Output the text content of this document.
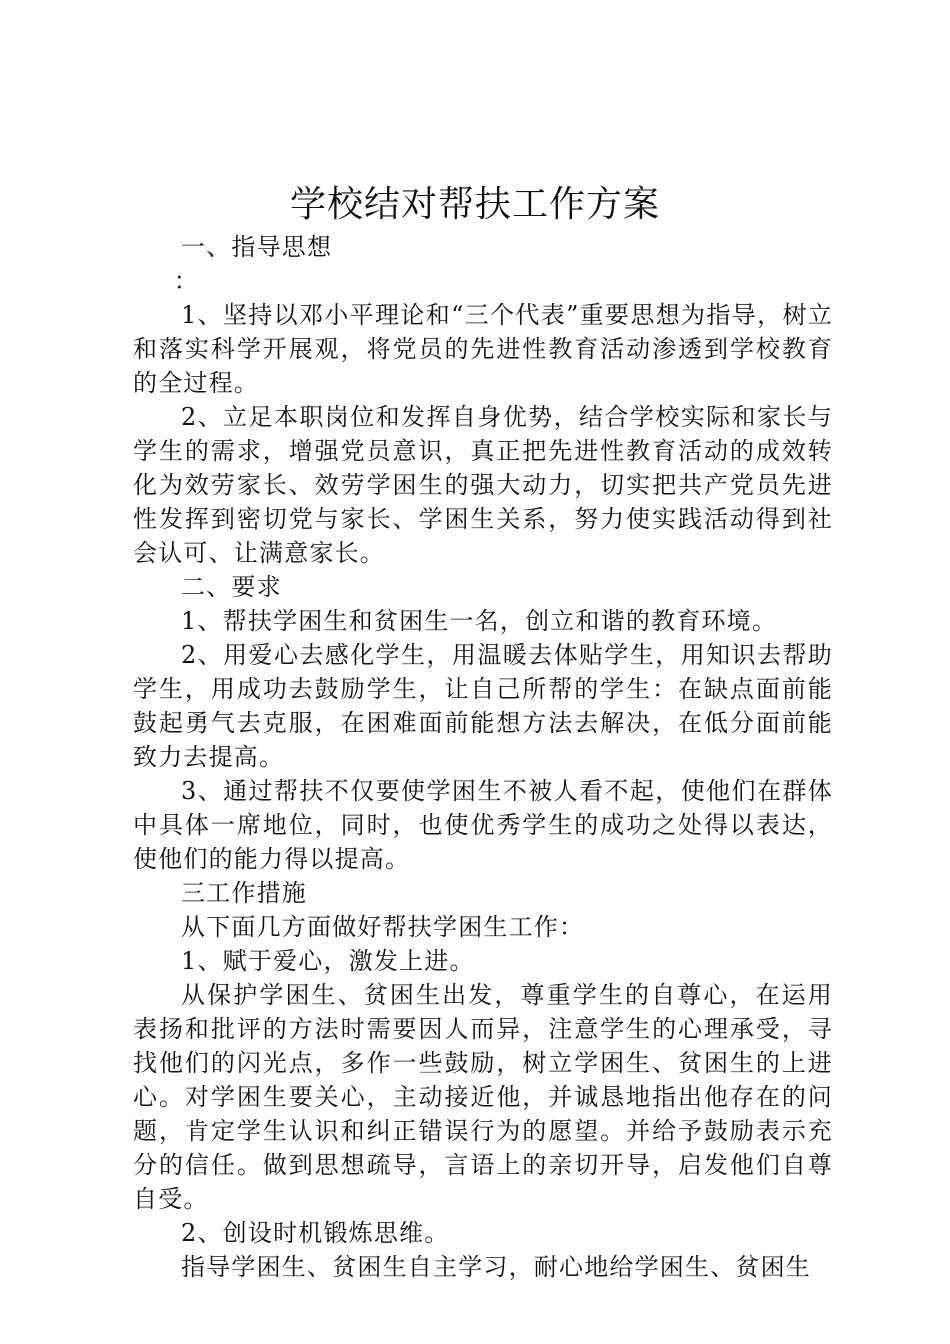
学校结对帮扶工作方案

一、指导思想

：

1、坚持以邓小平理论和“三个代表”重要思想为指导，树立和落实科学开展观，将党员的先进性教育活动渗透到学校教育的全过程。

2、立足本职岗位和发挥自身优势，结合学校实际和家长与学生的需求，增强党员意识，真正把先进性教育活动的成效转化为效劳家长、效劳学困生的强大动力，切实把共产党员先进性发挥到密切党与家长、学困生关系，努力使实践活动得到社会认可、让满意家长。

二、要求

1、帮扶学困生和贫困生一名，创立和谐的教育环境。

2、用爱心去感化学生，用温暖去体贴学生，用知识去帮助学生，用成功去鼓励学生，让自己所帮的学生：在缺点面前能鼓起勇气去克服，在困难面前能想方法去解决，在低分面前能致力去提高。

3、通过帮扶不仅要使学困生不被人看不起，使他们在群体中具体一席地位，同时，也使优秀学生的成功之处得以表达，使他们的能力得以提高。

三工作措施

从下面几方面做好帮扶学困生工作：

1、赋于爱心，激发上进。

从保护学困生、贫困生出发，尊重学生的自尊心，在运用表扬和批评的方法时需要因人而异，注意学生的心理承受，寻找他们的闪光点，多作一些鼓励，树立学困生、贫困生的上进心。对学困生要关心，主动接近他，并诚恳地指出他存在的问题，肯定学生认识和纠正错误行为的愿望。并给予鼓励表示充分的信任。做到思想疏导，言语上的亲切开导，启发他们自尊自受。

2、创设时机锻炼思维。

指导学困生、贫困生自主学习，耐心地给学困生、贫困生
